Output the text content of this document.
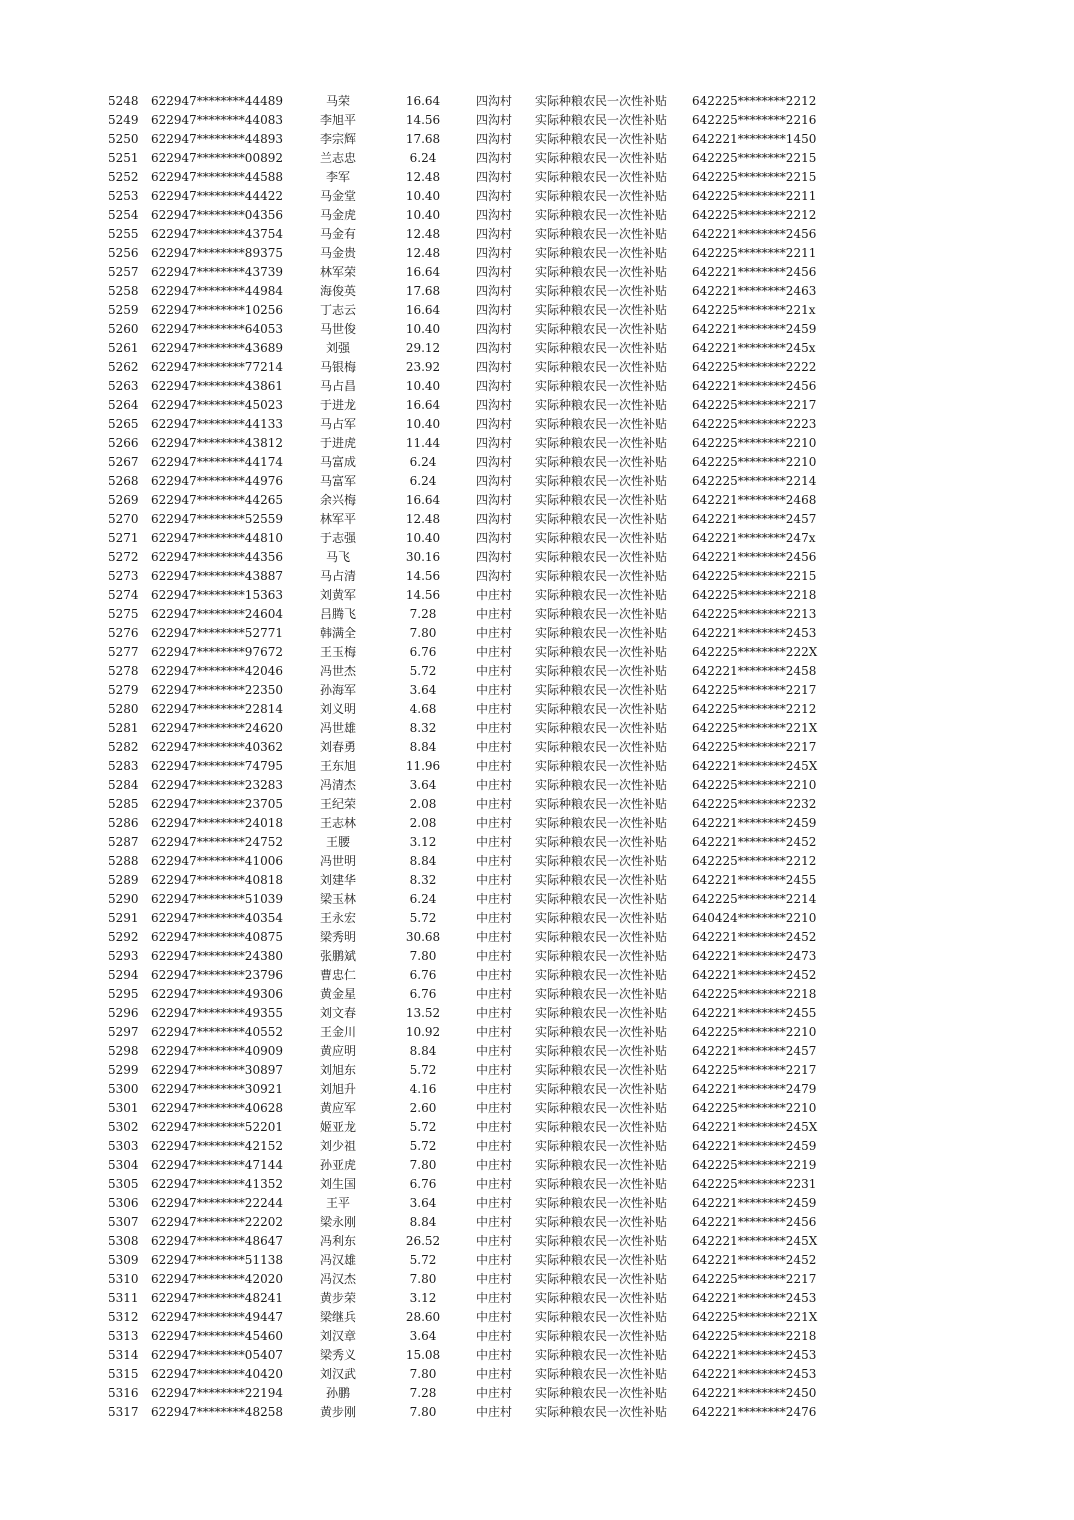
5248 622947********44489	马荣	16.64	四沟村 实际种粮农民一次性补贴 642225********2212
5249 622947********44083	李旭平	14.56	四沟村 实际种粮农民一次性补贴 642225********2216
5250 622947********44893	李宗辉	17.68	四沟村 实际种粮农民一次性补贴 642221********1450
5251 622947********00892	兰志忠	6.24	四沟村 实际种粮农民一次性补贴 642225********2215
5252 622947********44588	李军	12.48	四沟村 实际种粮农民一次性补贴 642225********2215
5253 622947********44422	马金堂	10.40	四沟村 实际种粮农民一次性补贴 642225********2211
5254 622947********04356	马金虎	10.40	四沟村 实际种粮农民一次性补贴 642225********2212
5255 622947********43754	马金有	12.48	四沟村 实际种粮农民一次性补贴 642221********2456
5256 622947********89375	马金贵	12.48	四沟村 实际种粮农民一次性补贴 642225********2211
5257 622947********43739	林军荣	16.64	四沟村 实际种粮农民一次性补贴 642221********2456
5258 622947********44984	海俊英	17.68	四沟村 实际种粮农民一次性补贴 642221********2463
5259 622947********10256	丁志云	16.64	四沟村 实际种粮农民一次性补贴 642225********221x
5260 622947********64053	马世俊	10.40	四沟村 实际种粮农民一次性补贴 642221********2459
5261 622947********43689	刘强	29.12	四沟村 实际种粮农民一次性补贴 642221********245x
5262 622947********77214	马银梅	23.92	四沟村 实际种粮农民一次性补贴 642225********2222
5263 622947********43861	马占昌	10.40	四沟村 实际种粮农民一次性补贴 642221********2456
5264 622947********45023	于进龙	16.64	四沟村 实际种粮农民一次性补贴 642225********2217
5265 622947********44133	马占军	10.40	四沟村 实际种粮农民一次性补贴 642225********2223
5266 622947********43812	于进虎	11.44	四沟村 实际种粮农民一次性补贴 642225********2210
5267 622947********44174	马富成	6.24	四沟村 实际种粮农民一次性补贴 642225********2210
5268 622947********44976	马富军	6.24	四沟村 实际种粮农民一次性补贴 642225********2214
5269 622947********44265	余兴梅	16.64	四沟村 实际种粮农民一次性补贴 642221********2468
5270 622947********52559	林军平	12.48	四沟村 实际种粮农民一次性补贴 642221********2457
5271 622947********44810	于志强	10.40	四沟村 实际种粮农民一次性补贴 642221********247x
5272 622947********44356	马飞	30.16	四沟村 实际种粮农民一次性补贴 642221********2456
5273 622947********43887	马占清	14.56	四沟村 实际种粮农民一次性补贴 642225********2215
5274 622947********15363	刘黄军	14.56	中庄村 实际种粮农民一次性补贴 642225********2218
5275 622947********24604	吕腾飞	7.28	中庄村 实际种粮农民一次性补贴 642225********2213
5276 622947********52771	韩满全	7.80	中庄村 实际种粮农民一次性补贴 642221********2453
5277 622947********97672	王玉梅	6.76	中庄村 实际种粮农民一次性补贴 642225********222X
5278 622947********42046	冯世杰	5.72	中庄村 实际种粮农民一次性补贴 642221********2458
5279 622947********22350	孙海军	3.64	中庄村 实际种粮农民一次性补贴 642225********2217
5280 622947********22814	刘义明	4.68	中庄村 实际种粮农民一次性补贴 642225********2212
5281 622947********24620	冯世雄	8.32	中庄村 实际种粮农民一次性补贴 642225********221X
5282 622947********40362	刘春勇	8.84	中庄村 实际种粮农民一次性补贴 642225********2217
5283 622947********74795	王东旭	11.96	中庄村 实际种粮农民一次性补贴 642221********245X
5284 622947********23283	冯清杰	3.64	中庄村 实际种粮农民一次性补贴 642225********2210
5285 622947********23705	王纪荣	2.08	中庄村 实际种粮农民一次性补贴 642225********2232
5286 622947********24018	王志林	2.08	中庄村 实际种粮农民一次性补贴 642221********2459
5287 622947********24752	王腰	3.12	中庄村 实际种粮农民一次性补贴 642221********2452
5288 622947********41006	冯世明	8.84	中庄村 实际种粮农民一次性补贴 642225********2212
5289 622947********40818	刘建华	8.32	中庄村 实际种粮农民一次性补贴 642221********2455
5290 622947********51039	梁玉林	6.24	中庄村 实际种粮农民一次性补贴 642225********2214
5291 622947********40354	王永宏	5.72	中庄村 实际种粮农民一次性补贴 640424********2210
5292 622947********40875	梁秀明	30.68	中庄村 实际种粮农民一次性补贴 642221********2452
5293 622947********24380	张鹏斌	7.80	中庄村 实际种粮农民一次性补贴 642221********2473
5294 622947********23796	曹忠仁	6.76	中庄村 实际种粮农民一次性补贴 642221********2452
5295 622947********49306	黄金星	6.76	中庄村 实际种粮农民一次性补贴 642225********2218
5296 622947********49355	刘文春	13.52	中庄村 实际种粮农民一次性补贴 642221********2455
5297 622947********40552	王金川	10.92	中庄村 实际种粮农民一次性补贴 642225********2210
5298 622947********40909	黄应明	8.84	中庄村 实际种粮农民一次性补贴 642221********2457
5299 622947********30897	刘旭东	5.72	中庄村 实际种粮农民一次性补贴 642225********2217
5300 622947********30921	刘旭升	4.16	中庄村 实际种粮农民一次性补贴 642221********2479
5301 622947********40628	黄应军	2.60	中庄村 实际种粮农民一次性补贴 642225********2210
5302 622947********52201	姬亚龙	5.72	中庄村 实际种粮农民一次性补贴 642221********245X
5303 622947********42152	刘少祖	5.72	中庄村 实际种粮农民一次性补贴 642221********2459
5304 622947********47144	孙亚虎	7.80	中庄村 实际种粮农民一次性补贴 642225********2219
5305 622947********41352	刘生国	6.76	中庄村 实际种粮农民一次性补贴 642225********2231
5306 622947********22244	王平	3.64	中庄村 实际种粮农民一次性补贴 642221********2459
5307 622947********22202	梁永刚	8.84	中庄村 实际种粮农民一次性补贴 642221********2456
5308 622947********48647	冯利东	26.52	中庄村 实际种粮农民一次性补贴 642221********245X
5309 622947********51138	冯汉雄	5.72	中庄村 实际种粮农民一次性补贴 642221********2452
5310 622947********42020	冯汉杰	7.80	中庄村 实际种粮农民一次性补贴 642225********2217
5311 622947********48241	黄步荣	3.12	中庄村 实际种粮农民一次性补贴 642221********2453
5312 622947********49447	梁继兵	28.60	中庄村 实际种粮农民一次性补贴 642225********221X
5313 622947********45460	刘汉章	3.64	中庄村 实际种粮农民一次性补贴 642225********2218
5314 622947********05407	梁秀义	15.08	中庄村 实际种粮农民一次性补贴 642221********2453
5315 622947********40420	刘汉武	7.80	中庄村 实际种粮农民一次性补贴 642221********2453
5316 622947********22194	孙鹏	7.28	中庄村 实际种粮农民一次性补贴 642221********2450
5317 622947********48258	黄步刚	7.80	中庄村 实际种粮农民一次性补贴 642221********2476
